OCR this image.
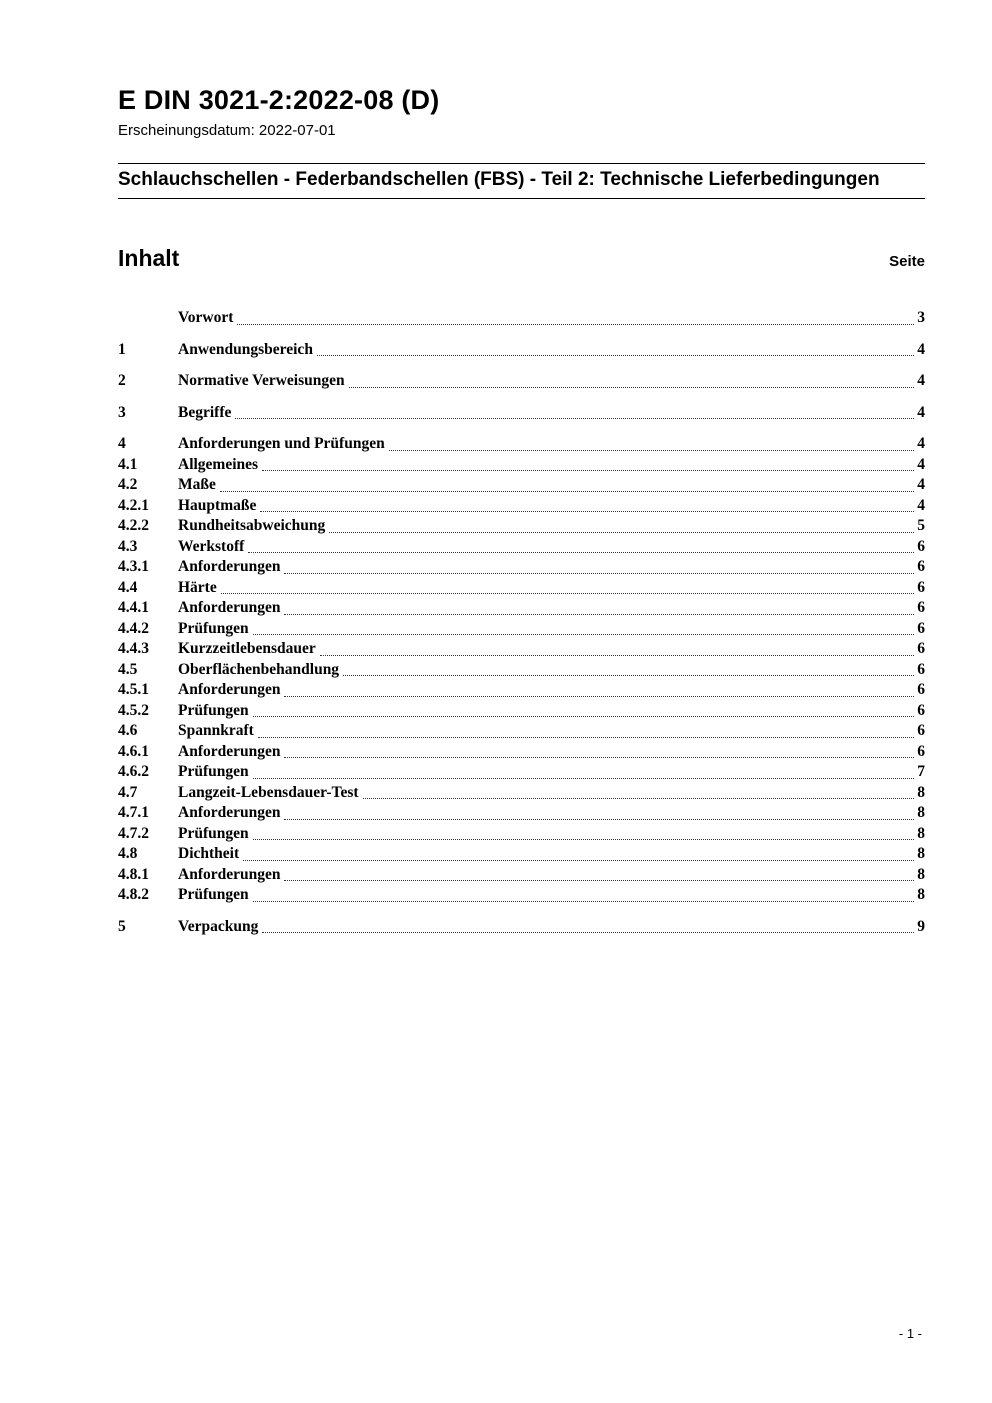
E DIN 3021-2:2022-08 (D)
Erscheinungsdatum: 2022-07-01
Schlauchschellen - Federbandschellen (FBS) - Teil 2: Technische Lieferbedingungen
Inhalt	Seite
Vorwort	3
1	Anwendungsbereich	4
2	Normative Verweisungen	4
3	Begriffe	4
4	Anforderungen und Prüfungen	4
4.1	Allgemeines	4
4.2	Maße	4
4.2.1	Hauptmaße	4
4.2.2	Rundheitsabweichung	5
4.3	Werkstoff	6
4.3.1	Anforderungen	6
4.4	Härte	6
4.4.1	Anforderungen	6
4.4.2	Prüfungen	6
4.4.3	Kurzzeitlebensdauer	6
4.5	Oberflächenbehandlung	6
4.5.1	Anforderungen	6
4.5.2	Prüfungen	6
4.6	Spannkraft	6
4.6.1	Anforderungen	6
4.6.2	Prüfungen	7
4.7	Langzeit-Lebensdauer-Test	8
4.7.1	Anforderungen	8
4.7.2	Prüfungen	8
4.8	Dichtheit	8
4.8.1	Anforderungen	8
4.8.2	Prüfungen	8
5	Verpackung	9
- 1 -
